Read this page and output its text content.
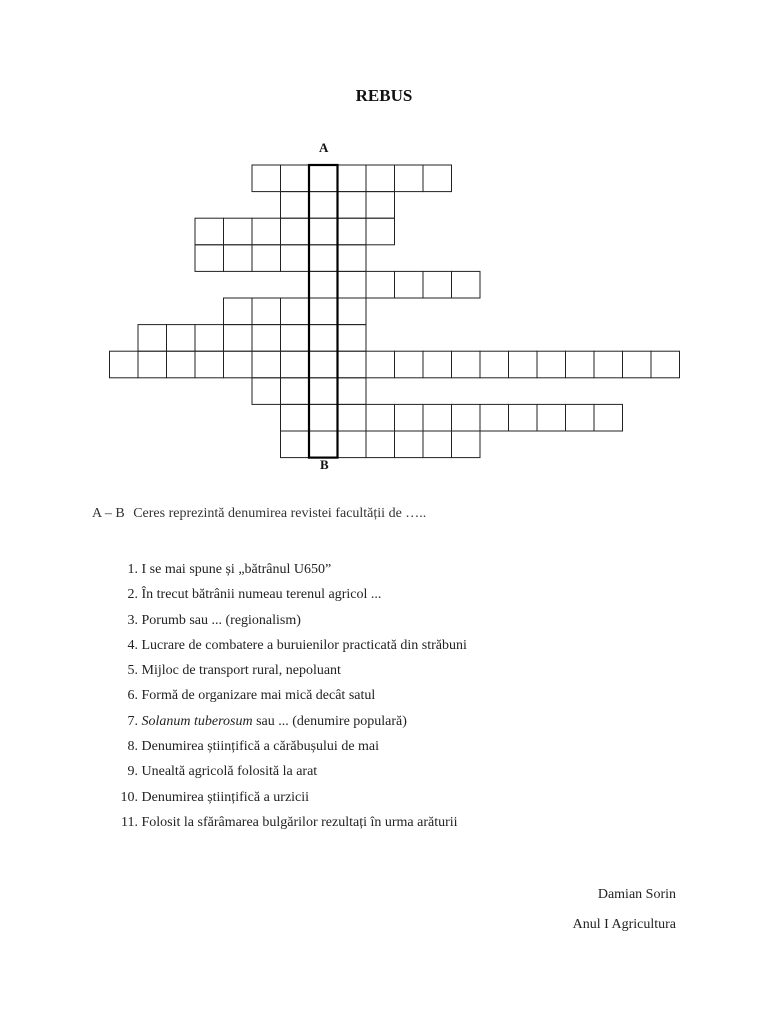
REBUS
A
B
A – B Ceres reprezintă denumirea revistei facultății de …..
1. I se mai spune și „bătrânul U650”
2. În trecut bătrânii numeau terenul agricol ...
3. Porumb sau ... (regionalism)
4. Lucrare de combatere a buruienilor practicată din străbuni
5. Mijloc de transport rural, nepoluant
6. Formă de organizare mai mică decât satul
7. Solanum tuberosum sau ... (denumire populară)
8. Denumirea științifică a cărăbușului de mai
9. Unealtă agricolă folosită la arat
10. Denumirea științifică a urzicii
11. Folosit la sfărâmarea bulgărilor rezultați în urma arăturii
Damian Sorin
Anul I Agricultura
